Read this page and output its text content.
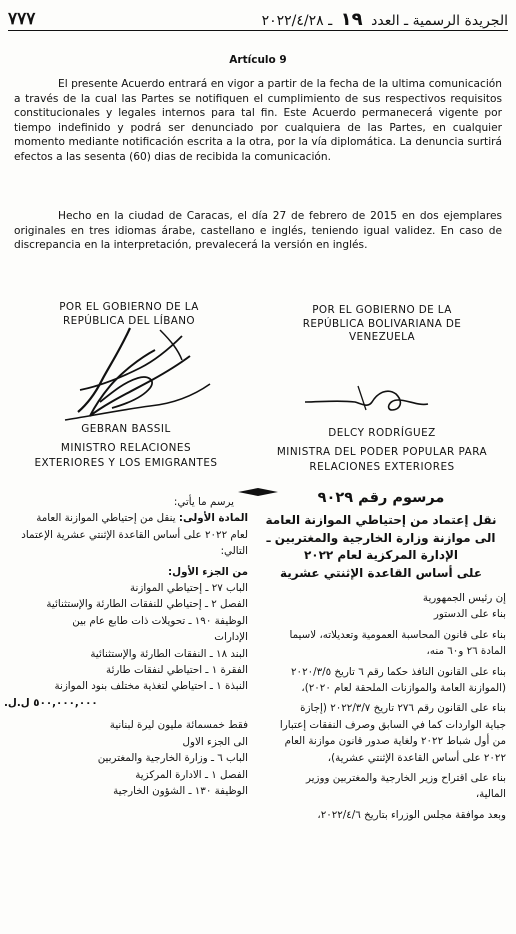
٧٧٧	الجريدة الرسمية ـ العدد ١٩ ـ ٢٠٢٢/٤/٢٨
Artículo 9
El presente Acuerdo entrará en vigor a partir de la fecha de la ultima comunicación a través de la cual las Partes se notifiquen el cumplimiento de sus respectivos requisitos constitucionales y legales internos para tal fin. Este Acuerdo permanecerá vigente por tiempo indefinido y podrá ser denunciado por cualquiera de las Partes, en cualquier momento mediante notificación escrita a la otra, por la vía diplomática. La denuncia surtirá efectos a las sesenta (60) dias de recibida la comunicación.
Hecho en la ciudad de Caracas, el día 27 de febrero de 2015 en dos ejemplares originales en tres idiomas árabe, castellano e inglés, teniendo igual validez. En caso de discrepancia en la interpretación, prevalecerá la versión en inglés.
POR EL GOBIERNO DE LA
REPÚBLICA DEL LÍBANO
POR EL GOBIERNO DE LA
REPÚBLICA BOLIVARIANA DE
VENEZUELA
GEBRAN BASSIL
MINISTRO RELACIONES
EXTERIORES Y LOS EMIGRANTES
DELCY RODRÍGUEZ
MINISTRA DEL PODER POPULAR PARA
RELACIONES EXTERIORES
مرسوم رقم ٩٠٢٩
نقل إعتماد من إحتياطي الموازنة العامة
الى موازنة وزارة الخارجية والمغتربين ـ
الإدارة المركزية لعام ٢٠٢٢
على أساس القاعدة الإثنتي عشرية
إن رئيس الجمهورية
بناء على الدستور
بناء على قانون المحاسبة العمومية وتعديلاته، لاسيما
المادة ٢٦ و٦٠ منه،
بناء على القانون النافذ حكما رقم ٦ تاريخ ٢٠٢٠/٣/٥
(الموازنة العامة والموازنات الملحقة لعام ٢٠٢٠)،
بناء على القانون رقم ٢٧٦ تاريخ ٢٠٢٢/٣/٧ (إجازة
جباية الواردات كما في السابق وصرف النفقات إعتبارا
من أول شباط ٢٠٢٢ ولغاية صدور قانون موازنة العام
٢٠٢٢ على أساس القاعدة الإثنتي عشرية)،
بناء على اقتراح وزير الخارجية والمغتربين ووزير
المالية،
وبعد موافقة مجلس الوزراء بتاريخ ٢٠٢٢/٤/٦،
يرسم ما يأتي:
المادة الأولى: ينقل من إحتياطي الموازنة العامة
لعام ٢٠٢٢ على أساس القاعدة الإثنتي عشرية الإعتماد
التالي:
من الجزء الأول:
الباب ٢٧ ـ إحتياطي الموازنة
الفصل ٢ ـ إحتياطي للنفقات الطارئة والإستثنائية
الوظيفة ١٩٠ ـ تحويلات ذات طابع عام بين
الإدارات
البند ١٨ ـ النفقات الطارئة والإستثنائية
الفقرة ١ ـ احتياطي لنفقات طارئة
النبذة ١ ـ احتياطي لتغذية مختلف بنود الموازنة
٥٠٠,٠٠٠,٠٠٠ ل.ل.
فقط خمسمائة مليون ليرة لبنانية
الى الجزء الاول
الباب ٦ ـ وزارة الخارجية والمغتربين
الفصل ١ ـ الادارة المركزية
الوظيفة ١٣٠ ـ الشؤون الخارجية
